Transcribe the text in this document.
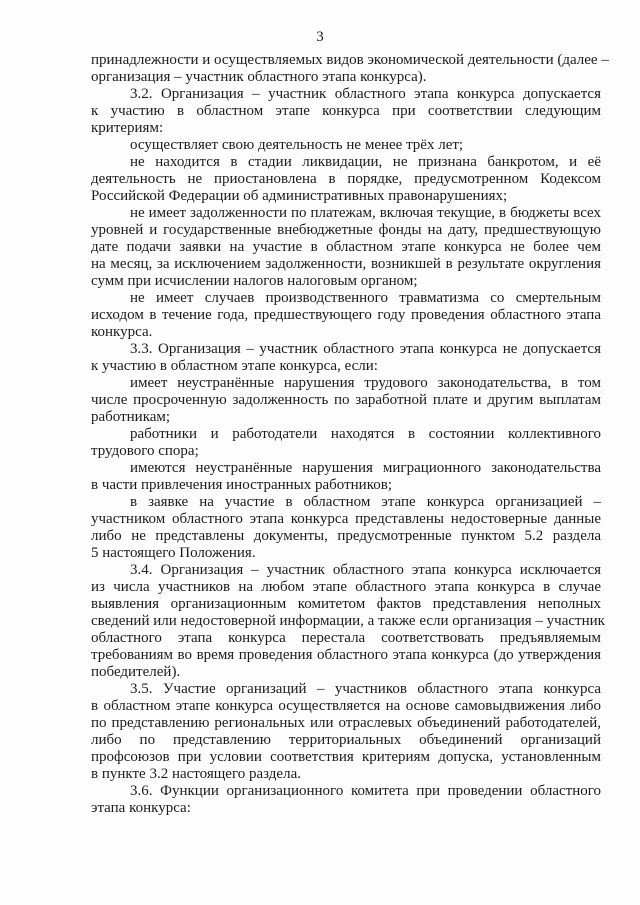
3
принадлежности и осуществляемых видов экономической деятельности (далее –
организация – участник областного этапа конкурса).
3.2. Организация – участник областного этапа конкурса допускается
к участию в областном этапе конкурса при соответствии следующим
критериям:
осуществляет свою деятельность не менее трёх лет;
не находится в стадии ликвидации, не признана банкротом, и её
деятельность не приостановлена в порядке, предусмотренном Кодексом
Российской Федерации об административных правонарушениях;
не имеет задолженности по платежам, включая текущие, в бюджеты всех
уровней и государственные внебюджетные фонды на дату, предшествующую
дате подачи заявки на участие в областном этапе конкурса не более чем
на месяц, за исключением задолженности, возникшей в результате округления
сумм при исчислении налогов налоговым органом;
не имеет случаев производственного травматизма со смертельным
исходом в течение года, предшествующего году проведения областного этапа
конкурса.
3.3. Организация – участник областного этапа конкурса не допускается
к участию в областном этапе конкурса, если:
имеет неустранённые нарушения трудового законодательства, в том
числе просроченную задолженность по заработной плате и другим выплатам
работникам;
работники и работодатели находятся в состоянии коллективного
трудового спора;
имеются неустранённые нарушения миграционного законодательства
в части привлечения иностранных работников;
в заявке на участие в областном этапе конкурса организацией –
участником областного этапа конкурса представлены недостоверные данные
либо не представлены документы, предусмотренные пунктом 5.2 раздела
5 настоящего Положения.
3.4. Организация – участник областного этапа конкурса исключается
из числа участников на любом этапе областного этапа конкурса в случае
выявления организационным комитетом фактов представления неполных
сведений или недостоверной информации, а также если организация – участник
областного этапа конкурса перестала соответствовать предъявляемым
требованиям во время проведения областного этапа конкурса (до утверждения
победителей).
3.5. Участие организаций – участников областного этапа конкурса
в областном этапе конкурса осуществляется на основе самовыдвижения либо
по представлению региональных или отраслевых объединений работодателей,
либо по представлению территориальных объединений организаций
профсоюзов при условии соответствия критериям допуска, установленным
в пункте 3.2 настоящего раздела.
3.6. Функции организационного комитета при проведении областного
этапа конкурса:
